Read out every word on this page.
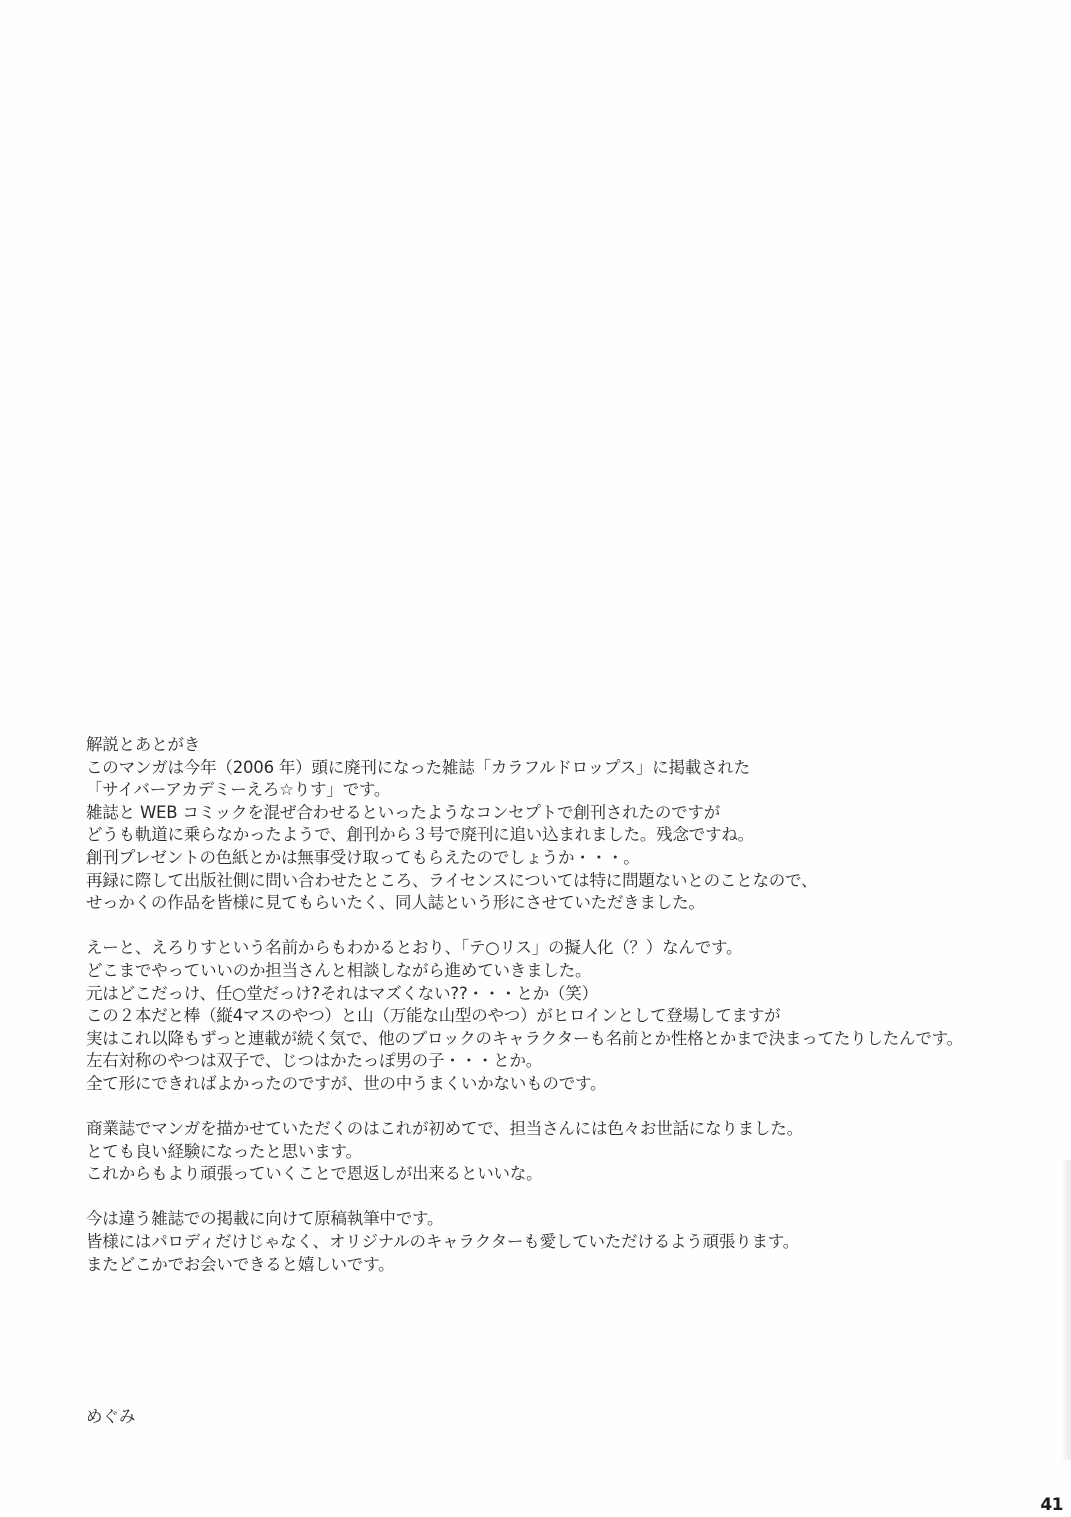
解説とあとがき
このマンガは今年（2006 年）頭に廃刊になった雑誌「カラフルドロップス」に掲載された
「サイバーアカデミーえろ☆りす」です。
雑誌と WEB コミックを混ぜ合わせるといったようなコンセプトで創刊されたのですが
どうも軌道に乗らなかったようで、創刊から３号で廃刊に追い込まれました。残念ですね。
創刊プレゼントの色紙とかは無事受け取ってもらえたのでしょうか・・・。
再録に際して出版社側に問い合わせたところ、ライセンスについては特に問題ないとのことなので、
せっかくの作品を皆様に見てもらいたく、同人誌という形にさせていただきました。
えーと、えろりすという名前からもわかるとおり、「テ○リス」の擬人化（？）なんです。
どこまでやっていいのか担当さんと相談しながら進めていきました。
元はどこだっけ、任○堂だっけ?それはマズくない??・・・とか（笑）
この２本だと棒（縦4マスのやつ）と山（万能な山型のやつ）がヒロインとして登場してますが
実はこれ以降もずっと連載が続く気で、他のブロックのキャラクターも名前とか性格とかまで決まってたりしたんです。
左右対称のやつは双子で、じつはかたっぽ男の子・・・とか。
全て形にできればよかったのですが、世の中うまくいかないものです。
商業誌でマンガを描かせていただくのはこれが初めてで、担当さんには色々お世話になりました。
とても良い経験になったと思います。
これからもより頑張っていくことで恩返しが出来るといいな。
今は違う雑誌での掲載に向けて原稿執筆中です。
皆様にはパロディだけじゃなく、オリジナルのキャラクターも愛していただけるよう頑張ります。
またどこかでお会いできると嬉しいです。
めぐみ
41
